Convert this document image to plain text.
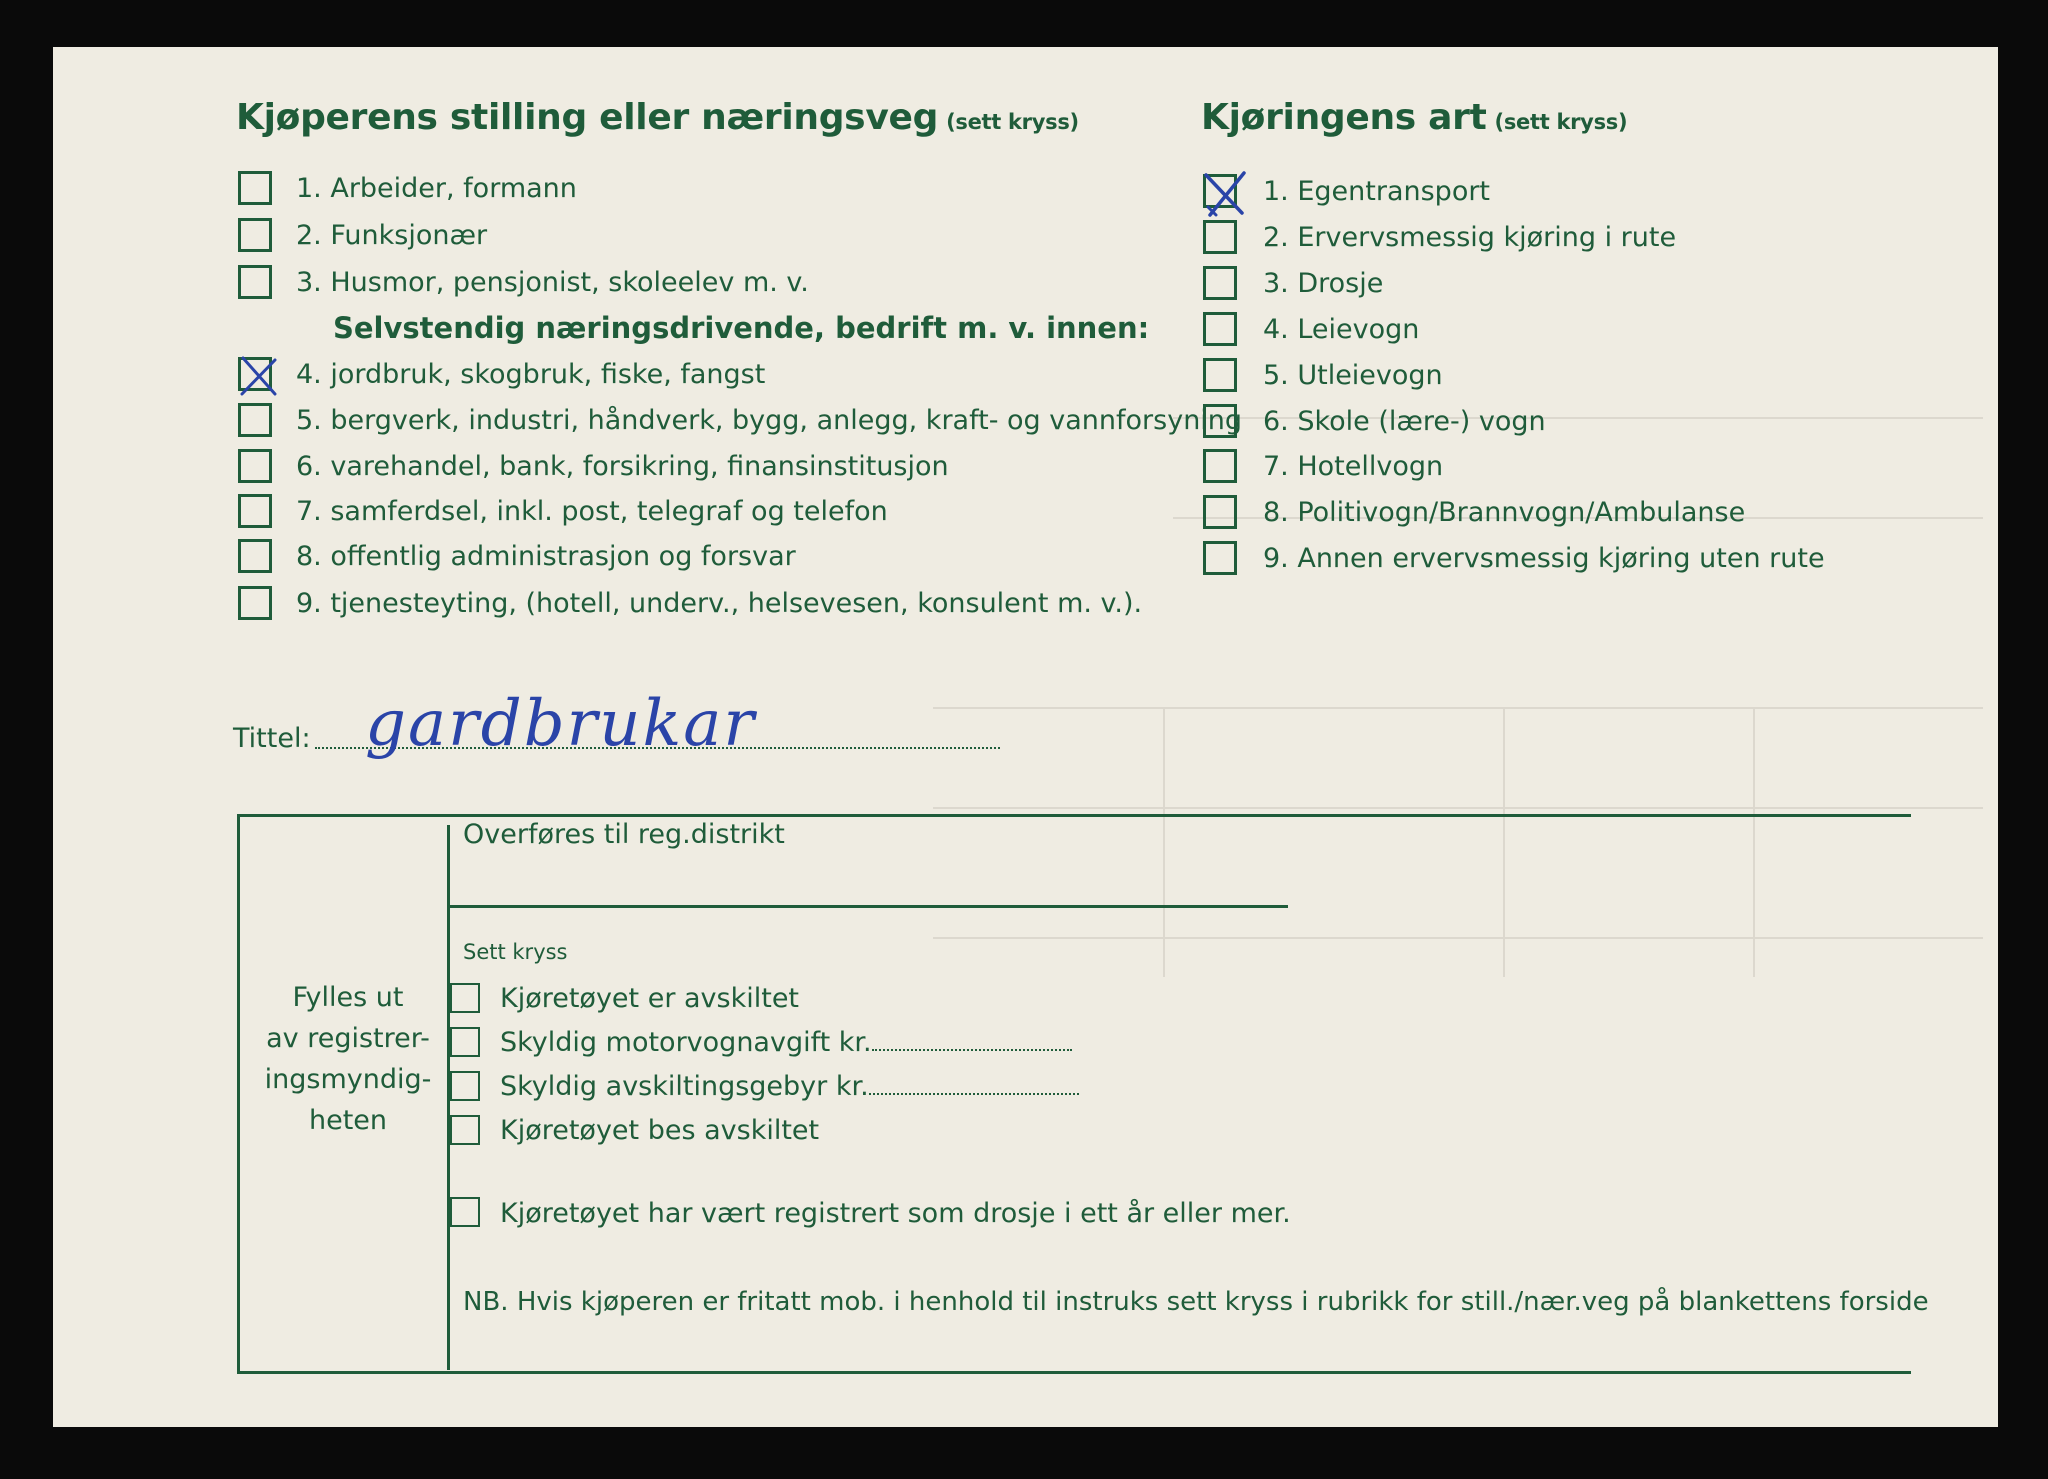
Kjøperens stilling eller næringsveg (sett kryss)	Kjøringens art (sett kryss)
1. Arbeider, formann
2. Funksjonær
3. Husmor, pensjonist, skoleelev m. v.
Selvstendig næringsdrivende, bedrift m. v. innen:
4. jordbruk, skogbruk, fiske, fangst
5. bergverk, industri, håndverk, bygg, anlegg, kraft- og vannforsyning
6. varehandel, bank, forsikring, finansinstitusjon
7. samferdsel, inkl. post, telegraf og telefon
8. offentlig administrasjon og forsvar
9. tjenesteyting, (hotell, underv., helsevesen, konsulent m. v.).
1. Egentransport
2. Ervervsmessig kjøring i rute
3. Drosje
4. Leievogn
5. Utleievogn
6. Skole (lære-) vogn
7. Hotellvogn
8. Politivogn/Brannvogn/Ambulanse
9. Annen ervervsmessig kjøring uten rute
Tittel: gardbrukar
Fylles ut
av registrer-
ingsmyndig-
heten
Overføres til reg.distrikt
Sett kryss
Kjøretøyet er avskiltet
Skyldig motorvognavgift kr.
Skyldig avskiltingsgebyr kr.
Kjøretøyet bes avskiltet
Kjøretøyet har vært registrert som drosje i ett år eller mer.
NB. Hvis kjøperen er fritatt mob. i henhold til instruks sett kryss i rubrikk for still./nær.veg på blankettens forside
